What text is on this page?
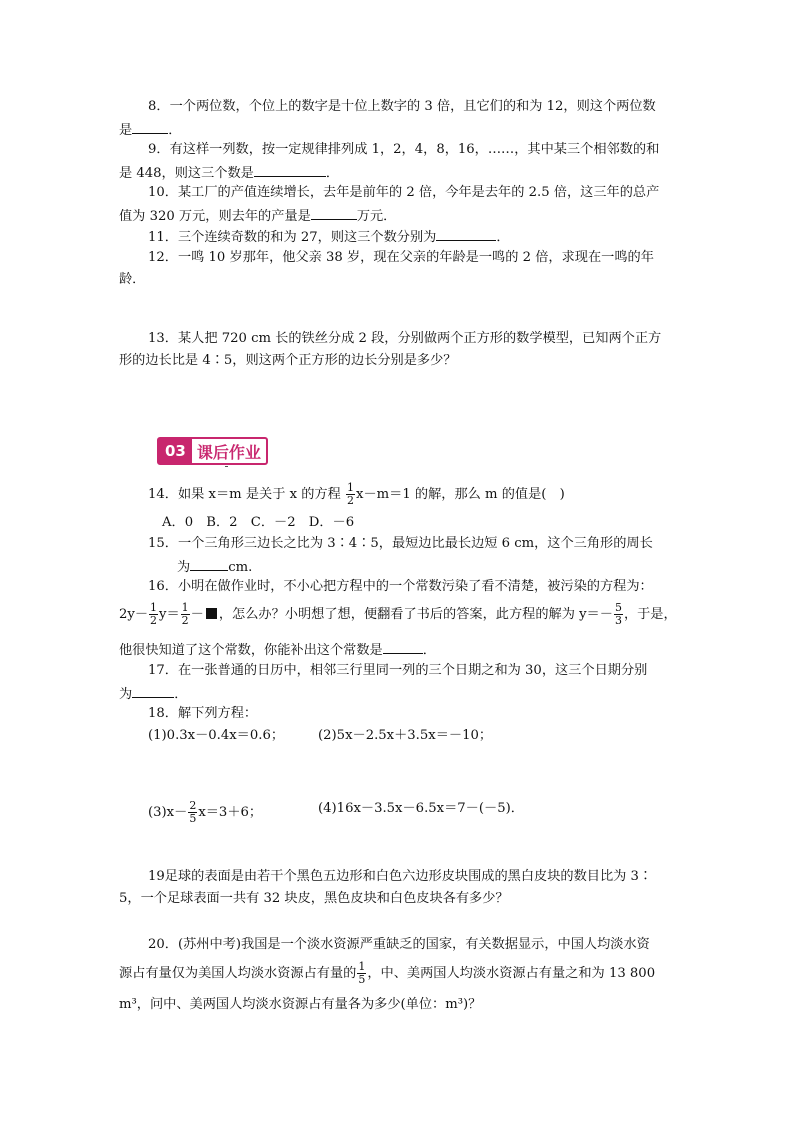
8．一个两位数，个位上的数字是十位上数字的 3 倍，且它们的和为 12，则这个两位数
是	．
9．有这样一列数，按一定规律排列成 1，2，4，8，16，……，其中某三个相邻数的和
是 448，则这三个数是	．
10．某工厂的产值连续增长，去年是前年的 2 倍，今年是去年的 2.5 倍，这三年的总产
值为 320 万元，则去年的产量是	万元．
11．三个连续奇数的和为 27，则这三个数分别为	．
12．一鸣 10 岁那年，他父亲 38 岁，现在父亲的年龄是一鸣的 2 倍，求现在一鸣的年
龄．
13．某人把 720 cm 长的铁丝分成 2 段，分别做两个正方形的数学模型，已知两个正方
形的边长比是 4∶5，则这两个正方形的边长分别是多少？
03 课后作业
14．如果 x＝m 是关于 x 的方程 $\frac{1}{2} x-m=1$ 的解，那么 m 的值是(　)
A．0　B．2　C．－2　D．－6
15．一个三角形三边长之比为 3∶4∶5，最短边比最长边短 6 cm，这个三角形的周长
为	cm.
16．小明在做作业时，不小心把方程中的一个常数污染了看不清楚，被污染的方程为：
$2y- \frac{1}{2} y= \frac{1}{2}$ － ，怎么办？小明想了想，便翻看了书后的答案，此方程的解为 $y=- \frac{5}{3}$ ，于是，
他很快知道了这个常数，你能补出这个常数是	．
17．在一张普通的日历中，相邻三行里同一列的三个日期之和为 30，这三个日期分别
为	．
18．解下列方程：
(1)0.3x－0.4x＝0.6；	(2)5x－2.5x＋3.5x＝－10；
$(3)x- \frac{2}{5} x=3+6$；	(4)16x－3.5x－6.5x＝7－(－5)．
19足球的表面是由若干个黑色五边形和白色六边形皮块围成的黑白皮块的数目比为 3∶
5，一个足球表面一共有 32 块皮，黑色皮块和白色皮块各有多少？
20．(苏州中考)我国是一个淡水资源严重缺乏的国家，有关数据显示，中国人均淡水资
源占有量仅为美国人均淡水资源占有量的 $\frac{1}{5}$ ，中、美两国人均淡水资源占有量之和为 13 800
m³，问中、美两国人均淡水资源占有量各为多少(单位：m³)？
